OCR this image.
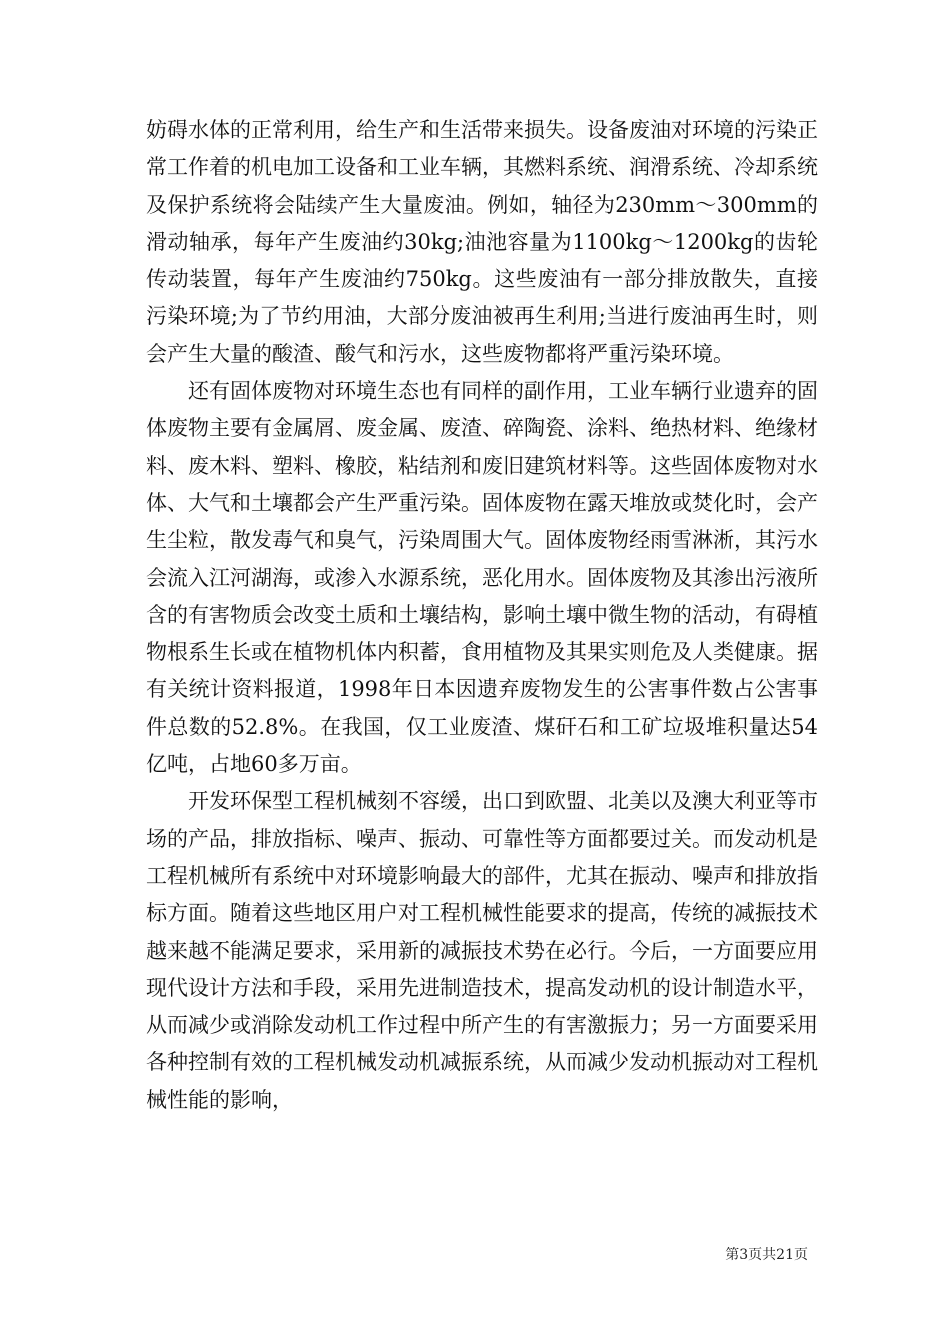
妨碍水体的正常利用，给生产和生活带来损失。设备废油对环境的污染正常工作着的机电加工设备和工业车辆，其燃料系统、润滑系统、冷却系统及保护系统将会陆续产生大量废油。例如，轴径为230mm～300mm的滑动轴承，每年产生废油约30kg;油池容量为1100kg～1200kg的齿轮传动装置，每年产生废油约750kg。这些废油有一部分排放散失，直接污染环境;为了节约用油，大部分废油被再生利用;当进行废油再生时，则会产生大量的酸渣、酸气和污水，这些废物都将严重污染环境。

还有固体废物对环境生态也有同样的副作用，工业车辆行业遗弃的固体废物主要有金属屑、废金属、废渣、碎陶瓷、涂料、绝热材料、绝缘材料、废木料、塑料、橡胶，粘结剂和废旧建筑材料等。这些固体废物对水体、大气和土壤都会产生严重污染。固体废物在露天堆放或焚化时，会产生尘粒，散发毒气和臭气，污染周围大气。固体废物经雨雪淋淅，其污水会流入江河湖海，或渗入水源系统，恶化用水。固体废物及其渗出污液所含的有害物质会改变土质和土壤结构，影响土壤中微生物的活动，有碍植物根系生长或在植物机体内积蓄，食用植物及其果实则危及人类健康。据有关统计资料报道，1998年日本因遗弃废物发生的公害事件数占公害事件总数的52.8%。在我国，仅工业废渣、煤矸石和工矿垃圾堆积量达54亿吨，占地60多万亩。

开发环保型工程机械刻不容缓，出口到欧盟、北美以及澳大利亚等市场的产品，排放指标、噪声、振动、可靠性等方面都要过关。而发动机是工程机械所有系统中对环境影响最大的部件，尤其在振动、噪声和排放指标方面。随着这些地区用户对工程机械性能要求的提高，传统的减振技术越来越不能满足要求，采用新的减振技术势在必行。今后，一方面要应用现代设计方法和手段，采用先进制造技术，提高发动机的设计制造水平，从而减少或消除发动机工作过程中所产生的有害激振力；另一方面要采用各种控制有效的工程机械发动机减振系统，从而减少发动机振动对工程机械性能的影响，

第3页共21页
